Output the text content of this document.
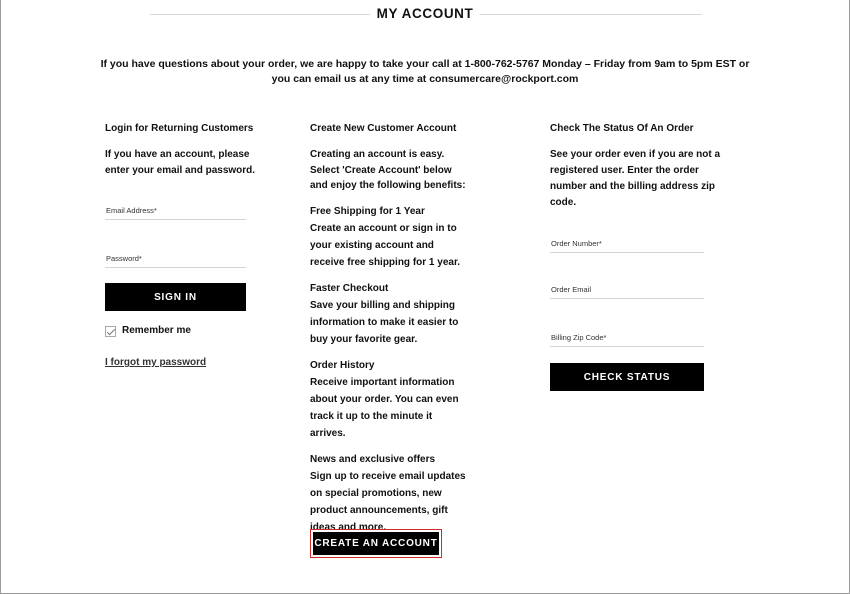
MY ACCOUNT

If you have questions about your order, we are happy to take your call at 1-800-762-5767 Monday – Friday from 9am to 5pm EST or you can email us at any time at consumercare@rockport.com

Login for Returning Customers
If you have an account, please enter your email and password.
Email Address*
Password*
SIGN IN
Remember me
I forgot my password
Create New Customer Account
Creating an account is easy. Select 'Create Account' below and enjoy the following benefits:
Free Shipping for 1 Year
Create an account or sign in to your existing account and receive free shipping for 1 year.
Faster Checkout
Save your billing and shipping information to make it easier to buy your favorite gear.
Order History
Receive important information about your order. You can even track it up to the minute it arrives.
News and exclusive offers
Sign up to receive email updates on special promotions, new product announcements, gift ideas and more.
CREATE AN ACCOUNT
Check The Status Of An Order
See your order even if you are not a registered user. Enter the order number and the billing address zip code.
Order Number*
Order Email
Billing Zip Code*
CHECK STATUS
